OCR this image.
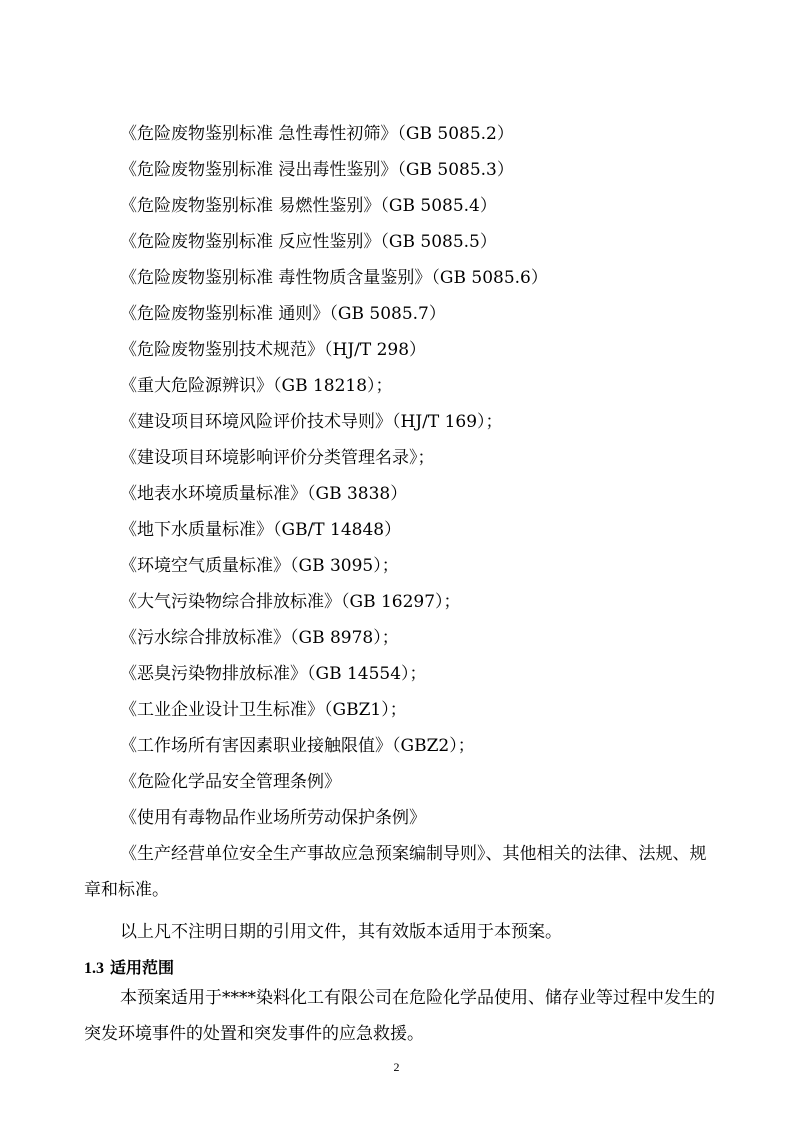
《危险废物鉴别标准 急性毒性初筛》（GB 5085.2）
《危险废物鉴别标准 浸出毒性鉴别》（GB 5085.3）
《危险废物鉴别标准 易燃性鉴别》（GB 5085.4）
《危险废物鉴别标准 反应性鉴别》（GB 5085.5）
《危险废物鉴别标准 毒性物质含量鉴别》（GB 5085.6）
《危险废物鉴别标准 通则》（GB 5085.7）
《危险废物鉴别技术规范》（HJ/T 298）
《重大危险源辨识》（GB 18218）；
《建设项目环境风险评价技术导则》（HJ/T 169）；
《建设项目环境影响评价分类管理名录》；
《地表水环境质量标准》（GB 3838）
《地下水质量标准》（GB/T 14848）
《环境空气质量标准》（GB 3095）；
《大气污染物综合排放标准》（GB 16297）；
《污水综合排放标准》（GB 8978）；
《恶臭污染物排放标准》（GB 14554）；
《工业企业设计卫生标准》（GBZ1）；
《工作场所有害因素职业接触限值》（GBZ2）；
《危险化学品安全管理条例》
《使用有毒物品作业场所劳动保护条例》

《生产经营单位安全生产事故应急预案编制导则》、其他相关的法律、法规、规章和标准。

以上凡不注明日期的引用文件，其有效版本适用于本预案。

1.3 适用范围

本预案适用于****染料化工有限公司在危险化学品使用、储存业等过程中发生的突发环境事件的处置和突发事件的应急救援。

2
